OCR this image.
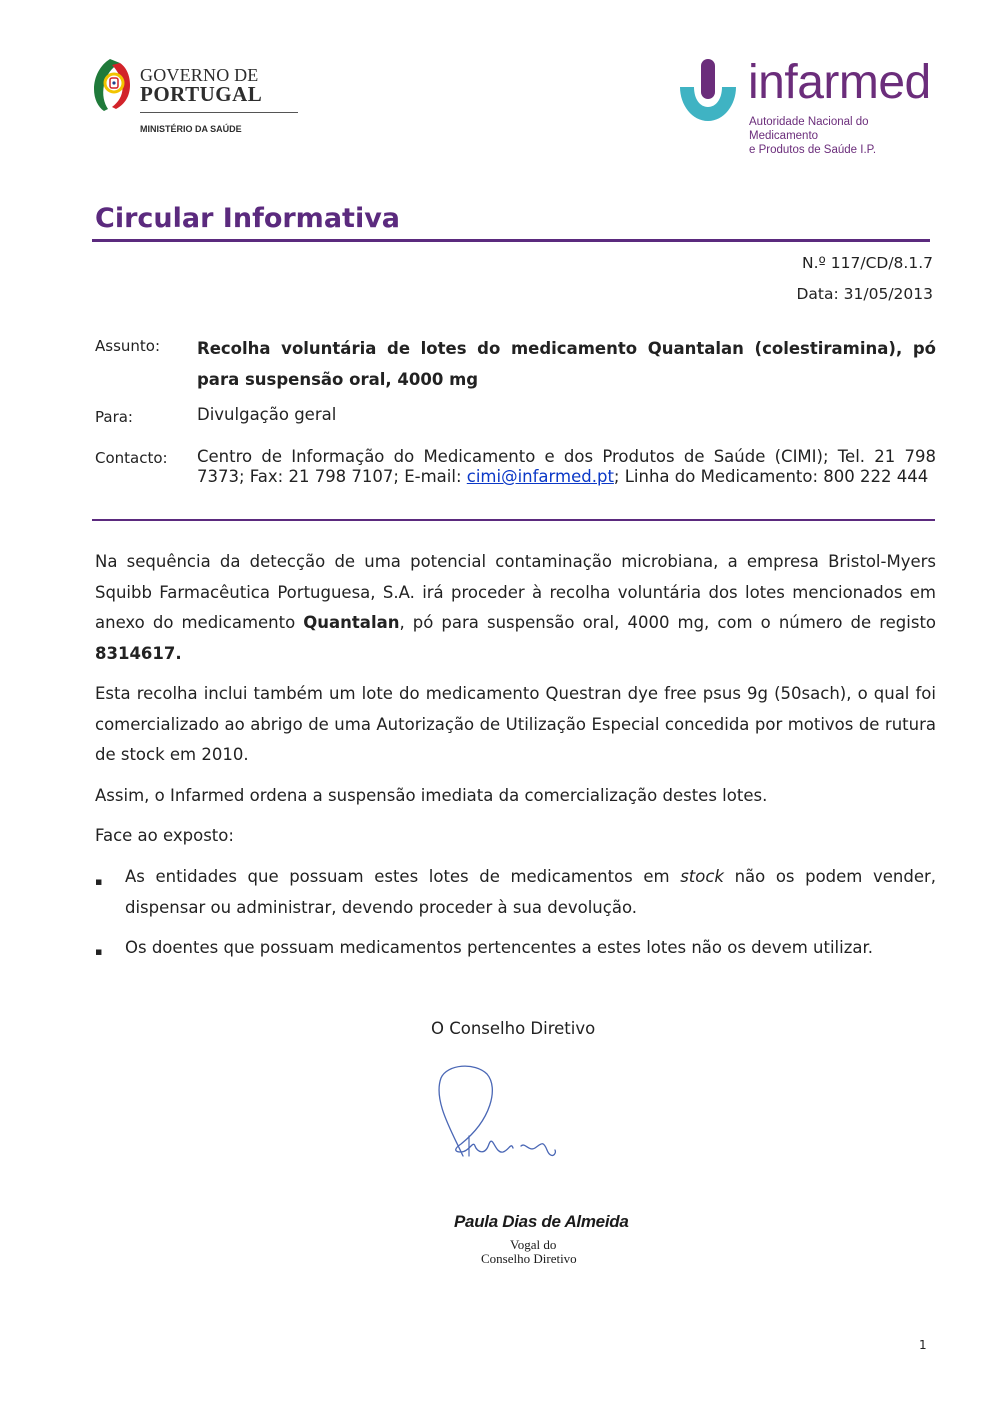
GOVERNO DE
PORTUGAL
MINISTÉRIO DA SAÚDE
infarmed
Autoridade Nacional do Medicamento
e Produtos de Saúde I.P.
Circular Informativa
N.º 117/CD/8.1.7
Data: 31/05/2013
Assunto: Recolha voluntária de lotes do medicamento Quantalan (colestiramina), pó para suspensão oral, 4000 mg
Para:	Divulgação geral
Contacto: Centro de Informação do Medicamento e dos Produtos de Saúde (CIMI); Tel. 21 798 7373; Fax: 21 798 7107; E-mail: cimi@infarmed.pt; Linha do Medicamento: 800 222 444
Na sequência da detecção de uma potencial contaminação microbiana, a empresa Bristol-Myers Squibb Farmacêutica Portuguesa, S.A. irá proceder à recolha voluntária dos lotes mencionados em anexo do medicamento Quantalan, pó para suspensão oral, 4000 mg, com o número de registo 8314617.
Esta recolha inclui também um lote do medicamento Questran dye free psus 9g (50sach), o qual foi comercializado ao abrigo de uma Autorização de Utilização Especial concedida por motivos de rutura de stock em 2010.
Assim, o Infarmed ordena a suspensão imediata da comercialização destes lotes.
Face ao exposto:
▪ As entidades que possuam estes lotes de medicamentos em stock não os podem vender, dispensar ou administrar, devendo proceder à sua devolução.
▪ Os doentes que possuam medicamentos pertencentes a estes lotes não os devem utilizar.
O Conselho Diretivo
Paula Dias de Almeida
Vogal do
Conselho Diretivo
1
